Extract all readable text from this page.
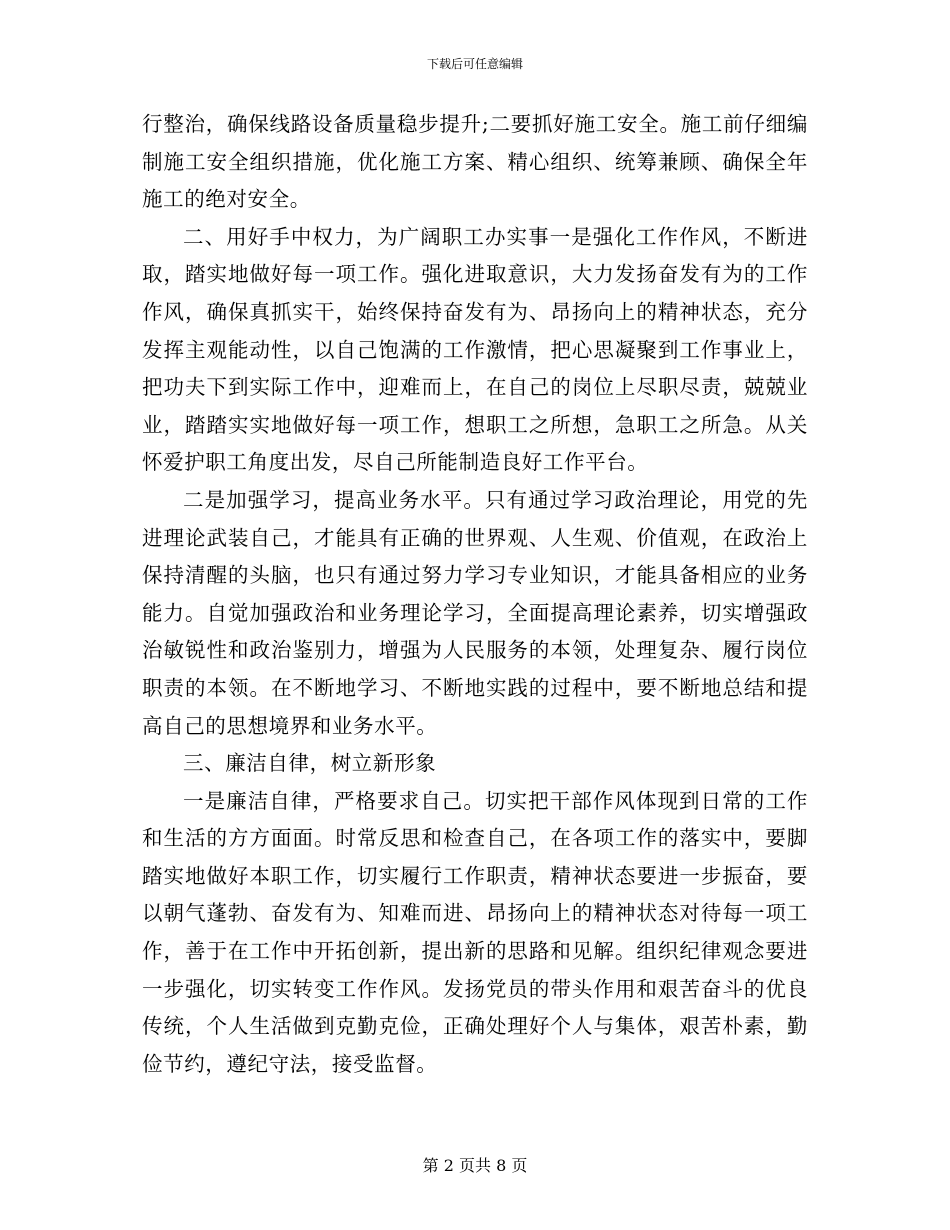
下载后可任意编辑

行整治，确保线路设备质量稳步提升;二要抓好施工安全。施工前仔细编制施工安全组织措施，优化施工方案、精心组织、统筹兼顾、确保全年施工的绝对安全。

二、用好手中权力，为广阔职工办实事一是强化工作作风，不断进取，踏实地做好每一项工作。强化进取意识，大力发扬奋发有为的工作作风，确保真抓实干，始终保持奋发有为、昂扬向上的精神状态，充分发挥主观能动性，以自己饱满的工作激情，把心思凝聚到工作事业上，把功夫下到实际工作中，迎难而上，在自己的岗位上尽职尽责，兢兢业业，踏踏实实地做好每一项工作，想职工之所想，急职工之所急。从关怀爱护职工角度出发，尽自己所能制造良好工作平台。

二是加强学习，提高业务水平。只有通过学习政治理论，用党的先进理论武装自己，才能具有正确的世界观、人生观、价值观，在政治上保持清醒的头脑，也只有通过努力学习专业知识，才能具备相应的业务能力。自觉加强政治和业务理论学习，全面提高理论素养，切实增强政治敏锐性和政治鉴别力，增强为人民服务的本领，处理复杂、履行岗位职责的本领。在不断地学习、不断地实践的过程中，要不断地总结和提高自己的思想境界和业务水平。

三、廉洁自律，树立新形象

一是廉洁自律，严格要求自己。切实把干部作风体现到日常的工作和生活的方方面面。时常反思和检查自己，在各项工作的落实中，要脚踏实地做好本职工作，切实履行工作职责，精神状态要进一步振奋，要以朝气蓬勃、奋发有为、知难而进、昂扬向上的精神状态对待每一项工作，善于在工作中开拓创新，提出新的思路和见解。组织纪律观念要进一步强化，切实转变工作作风。发扬党员的带头作用和艰苦奋斗的优良传统，个人生活做到克勤克俭，正确处理好个人与集体，艰苦朴素，勤俭节约，遵纪守法，接受监督。

第 2 页共 8 页
